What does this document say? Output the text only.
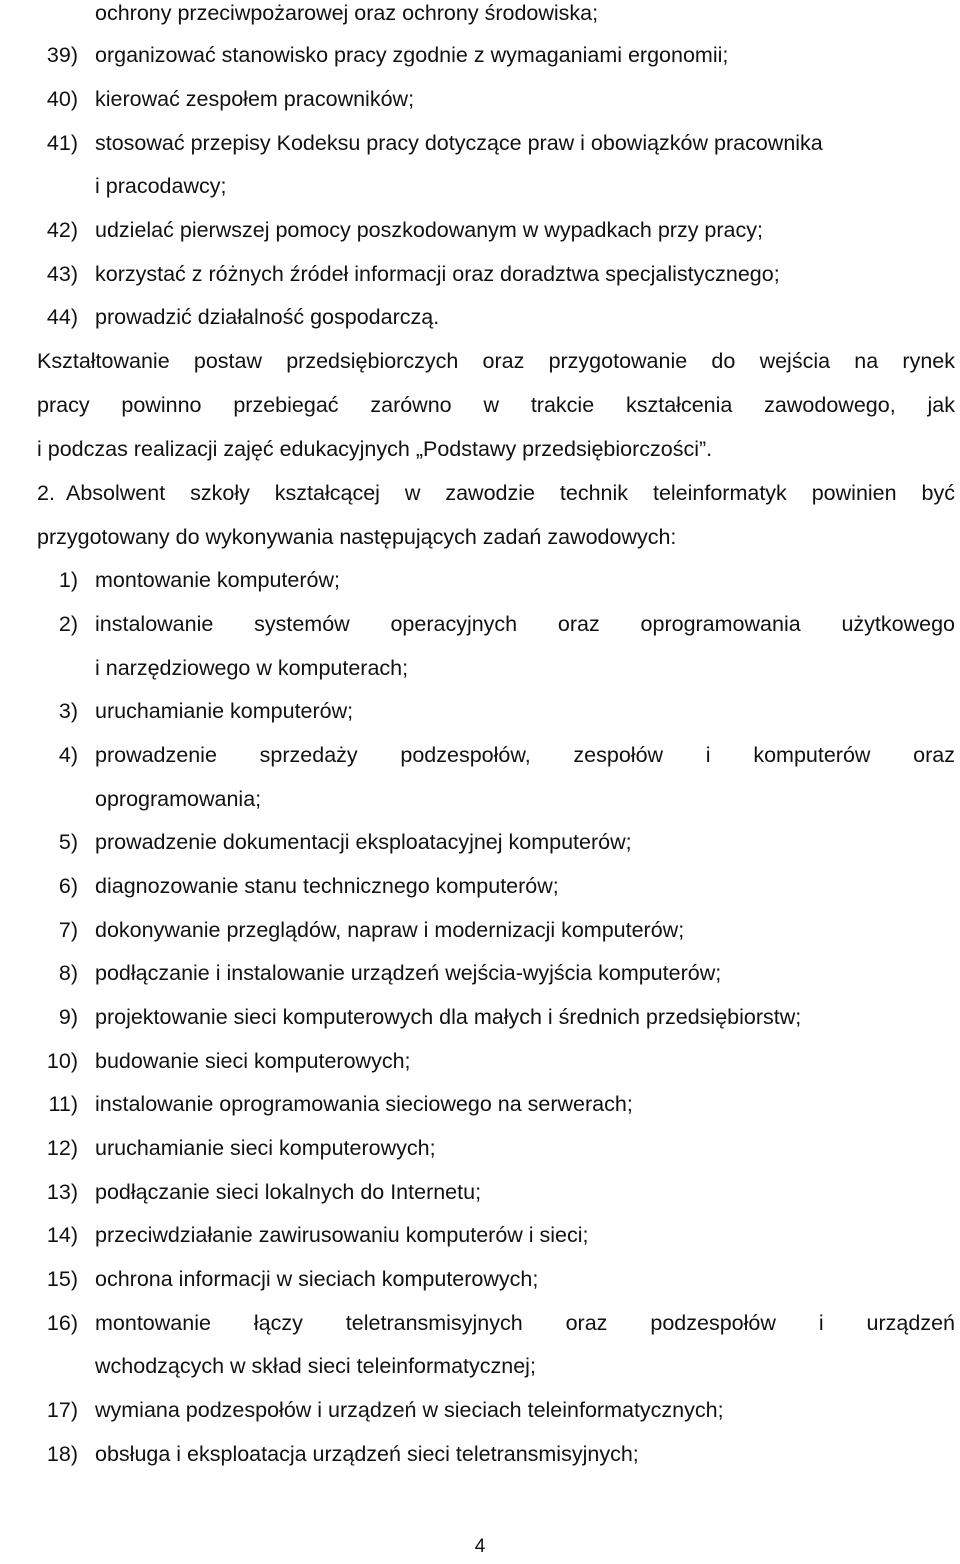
ochrony przeciwpożarowej oraz ochrony środowiska;
39) organizować stanowisko pracy zgodnie z wymaganiami ergonomii;
40) kierować zespołem pracowników;
41) stosować przepisy Kodeksu pracy dotyczące praw i obowiązków pracownika
i pracodawcy;
42) udzielać pierwszej pomocy poszkodowanym w wypadkach przy pracy;
43) korzystać z różnych źródeł informacji oraz doradztwa specjalistycznego;
44) prowadzić działalność gospodarczą.
Kształtowanie postaw przedsiębiorczych oraz przygotowanie do wejścia na rynek
pracy powinno przebiegać zarówno w trakcie kształcenia zawodowego, jak
i podczas realizacji zajęć edukacyjnych „Podstawy przedsiębiorczości”.
2. Absolwent szkoły kształcącej w zawodzie technik teleinformatyk powinien być
przygotowany do wykonywania następujących zadań zawodowych:
1) montowanie komputerów;
2) instalowanie systemów operacyjnych oraz oprogramowania użytkowego
i narzędziowego w komputerach;
3) uruchamianie komputerów;
4) prowadzenie sprzedaży podzespołów, zespołów i komputerów oraz
oprogramowania;
5) prowadzenie dokumentacji eksploatacyjnej komputerów;
6) diagnozowanie stanu technicznego komputerów;
7) dokonywanie przeglądów, napraw i modernizacji komputerów;
8) podłączanie i instalowanie urządzeń wejścia-wyjścia komputerów;
9) projektowanie sieci komputerowych dla małych i średnich przedsiębiorstw;
10) budowanie sieci komputerowych;
11) instalowanie oprogramowania sieciowego na serwerach;
12) uruchamianie sieci komputerowych;
13) podłączanie sieci lokalnych do Internetu;
14) przeciwdziałanie zawirusowaniu komputerów i sieci;
15) ochrona informacji w sieciach komputerowych;
16) montowanie łączy teletransmisyjnych oraz podzespołów i urządzeń
wchodzących w skład sieci teleinformatycznej;
17) wymiana podzespołów i urządzeń w sieciach teleinformatycznych;
18) obsługa i eksploatacja urządzeń sieci teletransmisyjnych;
4
